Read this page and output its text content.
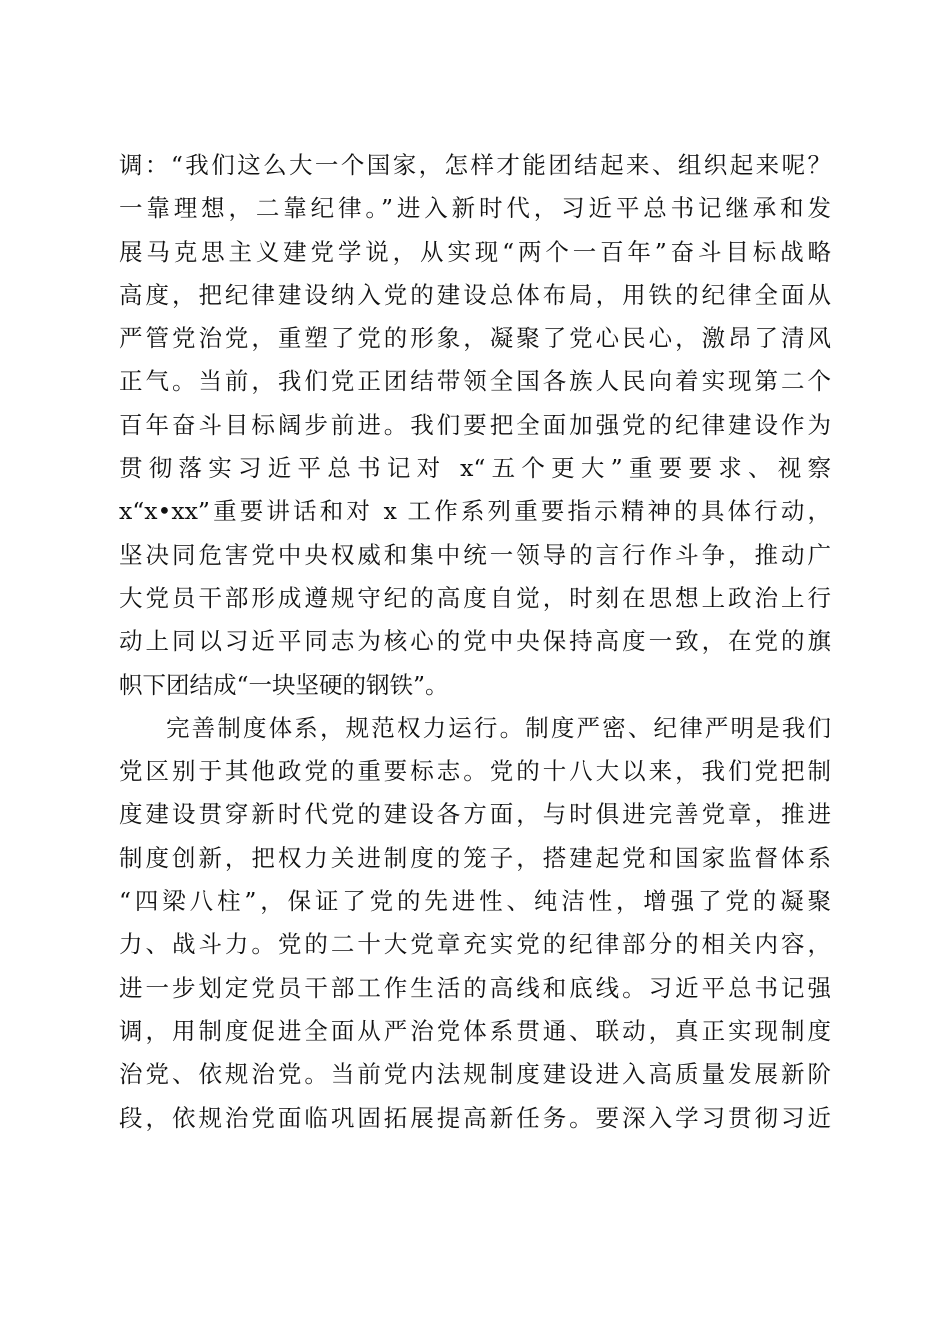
调：“我们这么大一个国家，怎样才能团结起来、组织起来呢？
一靠理想，二靠纪律。”进入新时代，习近平总书记继承和发
展马克思主义建党学说，从实现“两个一百年”奋斗目标战略
高度，把纪律建设纳入党的建设总体布局，用铁的纪律全面从
严管党治党，重塑了党的形象，凝聚了党心民心，激昂了清风
正气。当前，我们党正团结带领全国各族人民向着实现第二个
百年奋斗目标阔步前进。我们要把全面加强党的纪律建设作为
贯彻落实习近平总书记对 x“五个更大”重要要求、视察
x“x•xx”重要讲话和对 x 工作系列重要指示精神的具体行动，
坚决同危害党中央权威和集中统一领导的言行作斗争，推动广
大党员干部形成遵规守纪的高度自觉，时刻在思想上政治上行
动上同以习近平同志为核心的党中央保持高度一致，在党的旗
帜下团结成“一块坚硬的钢铁”。
完善制度体系，规范权力运行。制度严密、纪律严明是我们
党区别于其他政党的重要标志。党的十八大以来，我们党把制
度建设贯穿新时代党的建设各方面，与时俱进完善党章，推进
制度创新，把权力关进制度的笼子，搭建起党和国家监督体系
“四梁八柱”，保证了党的先进性、纯洁性，增强了党的凝聚
力、战斗力。党的二十大党章充实党的纪律部分的相关内容，
进一步划定党员干部工作生活的高线和底线。习近平总书记强
调，用制度促进全面从严治党体系贯通、联动，真正实现制度
治党、依规治党。当前党内法规制度建设进入高质量发展新阶
段，依规治党面临巩固拓展提高新任务。要深入学习贯彻习近
